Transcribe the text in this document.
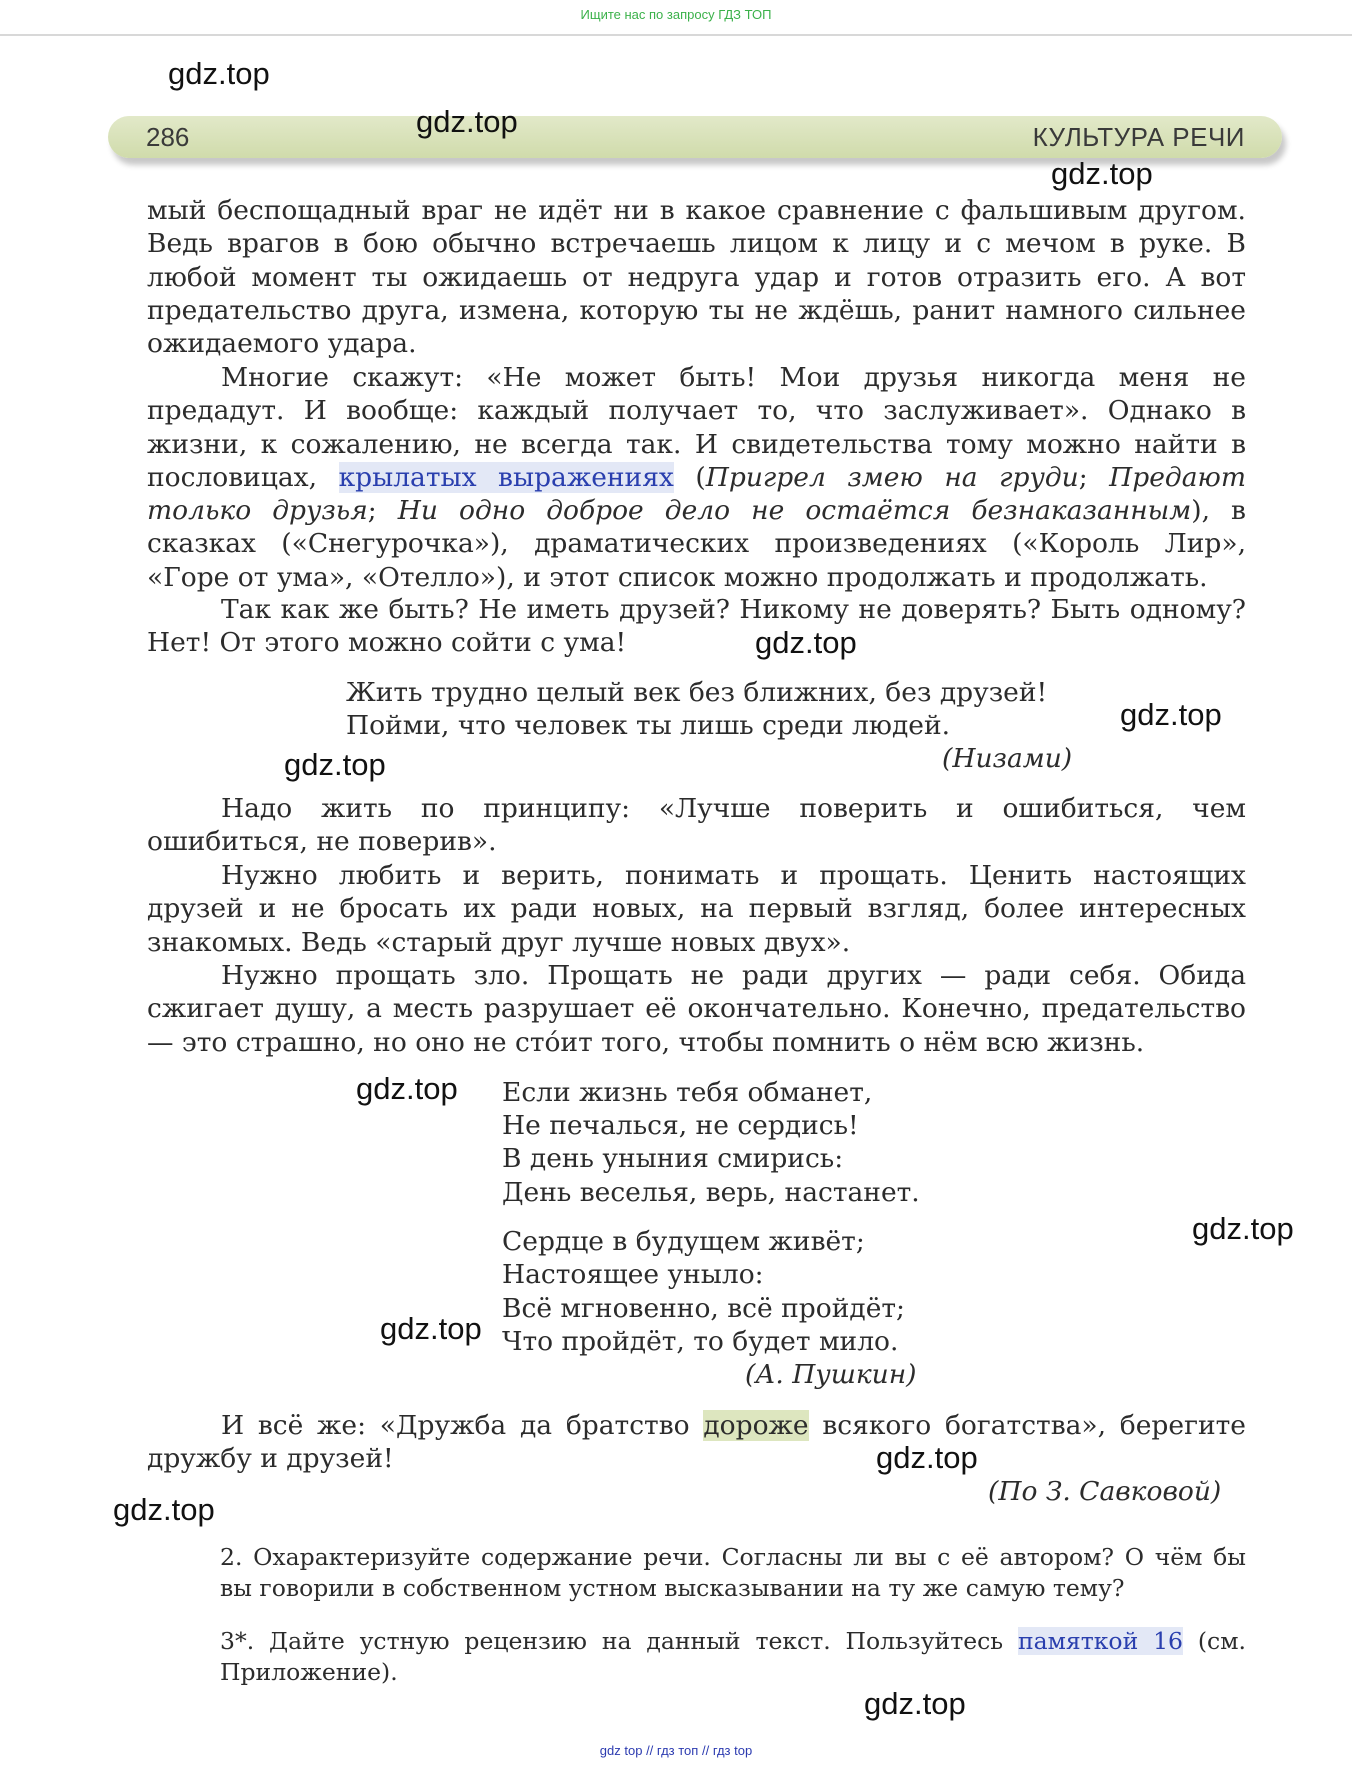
Ищите нас по запросу ГДЗ ТОП
286	КУЛЬТУРА РЕЧИ

мый беспощадный враг не идёт ни в какое сравнение с фальшивым другом. Ведь врагов в бою обычно встречаешь лицом к лицу и с мечом в руке. В любой момент ты ожидаешь от недруга удар и готов отразить его. А вот предательство друга, измена, которую ты не ждёшь, ранит намного сильнее ожидаемого удара.

Многие скажут: «Не может быть! Мои друзья никогда меня не предадут. И вообще: каждый получает то, что заслуживает». Однако в жизни, к сожалению, не всегда так. И свидетельства тому можно найти в пословицах, крылатых выражениях (Пригрел змею на груди; Предают только друзья; Ни одно доброе дело не остаётся безнаказанным), в сказках («Снегурочка»), драматических произведениях («Король Лир», «Горе от ума», «Отелло»), и этот список можно продолжать и продолжать.

Так как же быть? Не иметь друзей? Никому не доверять? Быть одному? Нет! От этого можно сойти с ума!

Жить трудно целый век без ближних, без друзей!

Пойми, что человек ты лишь среди людей.

(Низами)

Надо жить по принципу: «Лучше поверить и ошибиться, чем ошибиться, не поверив».

Нужно любить и верить, понимать и прощать. Ценить настоящих друзей и не бросать их ради новых, на первый взгляд, более интересных знакомых. Ведь «старый друг лучше новых двух».

Нужно прощать зло. Прощать не ради других — ради себя. Обида сжигает душу, а месть разрушает её окончательно. Конечно, предательство — это страшно, но оно не сто́ит того, чтобы помнить о нём всю жизнь.

Если жизнь тебя обманет,

Не печалься, не сердись!

В день уныния смирись:

День веселья, верь, настанет.

Сердце в будущем живёт;

Настоящее уныло:

Всё мгновенно, всё пройдёт;

Что пройдёт, то будет мило.

(А. Пушкин)

И всё же: «Дружба да братство дороже всякого богатства», берегите дружбу и друзей!

(По З. Савковой)

2. Охарактеризуйте содержание речи. Согласны ли вы с её автором? О чём бы вы говорили в собственном устном высказывании на ту же самую тему?

3*. Дайте устную рецензию на данный текст. Пользуйтесь памяткой 16 (см. Приложение).

gdz.top
gdz.top
gdz.top
gdz.top
gdz.top
gdz.top
gdz.top
gdz.top
gdz.top
gdz.top
gdz.top
gdz.top
gdz top // гдз топ // гдз top
